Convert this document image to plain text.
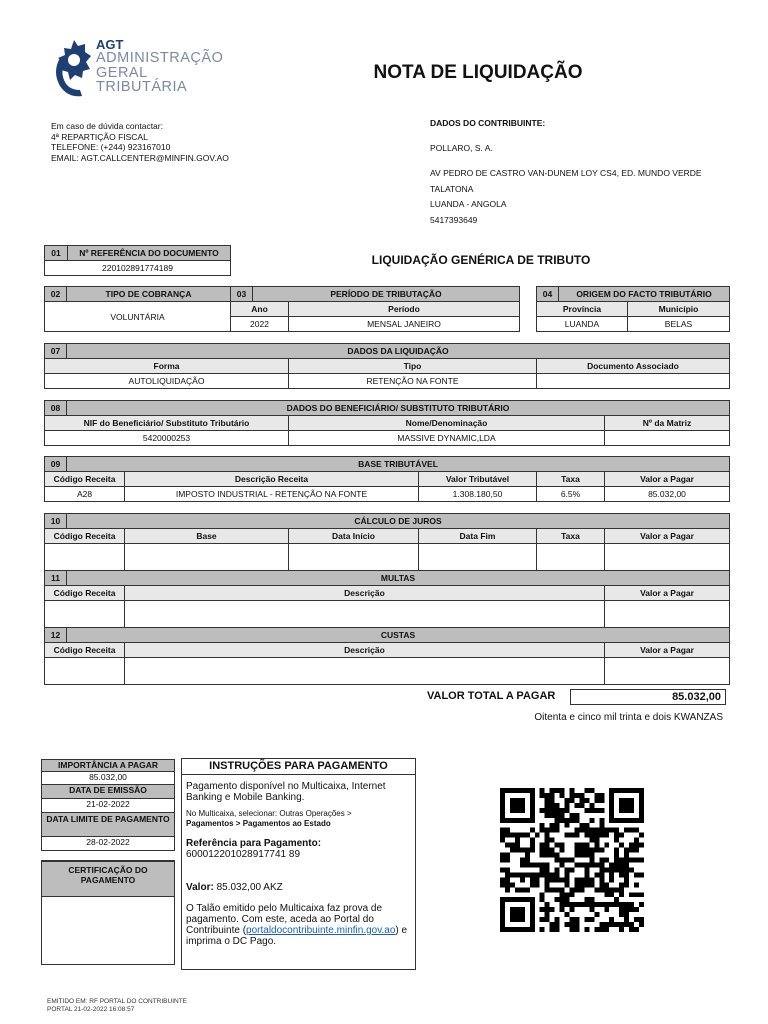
AGT
ADMINISTRAÇÃO
GERAL
TRIBUTÁRIA
NOTA DE LIQUIDAÇÃO
Em caso de dúvida contactar:
4ª REPARTIÇÃO FISCAL
TELEFONE: (+244) 923167010
EMAIL: AGT.CALLCENTER@MINFIN.GOV.AO
DADOS DO CONTRIBUINTE:
POLLARO, S. A.
AV PEDRO DE CASTRO VAN-DUNEM LOY CS4, ED. MUNDO VERDE
TALATONA
LUANDA - ANGOLA
5417393649
01	Nº REFERÊNCIA DO DOCUMENTO
220102891774189
LIQUIDAÇÃO GENÉRICA DE TRIBUTO
02	TIPO DE COBRANÇA	03	PERÍODO DE TRIBUTAÇÃO	
VOLUNTÁRIA		Ano		Período
		2022		MENSAL JANEIRO
04	ORIGEM DO FACTO TRIBUTÁRIO	
Província		Município
LUANDA		BELAS
07	DADOS DA LIQUIDAÇÃO		
Forma		Tipo	Documento Associado
AUTOLIQUIDAÇÃO		RETENÇÃO NA FONTE	
08	DADOS DO BENEFICIÁRIO/ SUBSTITUTO TRIBUTÁRIO		
NIF do Beneficiário/ Substituto Tributário		Nome/Denominação	Nº da Matriz
5420000253		MASSIVE DYNAMIC,LDA	
09	BASE TRIBUTÁVEL				
Código Receita		Descrição Receita	Valor Tributável	Taxa	Valor a Pagar
A28		IMPOSTO INDUSTRIAL - RETENÇÃO NA FONTE	1.308.180,50	6.5%	85.032,00
10	CÁLCULO DE JUROS					
Código Receita		Base	Data Início	Data Fim	Taxa	Valor a Pagar

11	MULTAS		
Código Receita		Descrição	Valor a Pagar

12	CUSTAS		
Código Receita		Descrição	Valor a Pagar

VALOR TOTAL A PAGAR	85.032,00
Oitenta e cinco mil trinta e dois KWANZAS
IMPORTÂNCIA A PAGAR
85.032,00
DATA DE EMISSÃO
21-02-2022
DATA LIMITE DE PAGAMENTO
28-02-2022
CERTIFICAÇÃO DO PAGAMENTO
INSTRUÇÕES PARA PAGAMENTO
Pagamento disponível no Multicaixa, Internet Banking e Mobile Banking.
No Multicaixa, selecionar: Outras Operações >
Pagamentos > Pagamentos ao Estado
Referência para Pagamento:
600012201028917741 89
Valor: 85.032,00 AKZ
O Talão emitido pelo Multicaixa faz prova de pagamento. Com este, aceda ao Portal do Contribuinte (portaldocontribuinte.minfin.gov.ao) e imprima o DC Pago.
EMITIDO EM: RF PORTAL DO CONTRIBUINTE
PORTAL 21-02-2022 16:08:57
